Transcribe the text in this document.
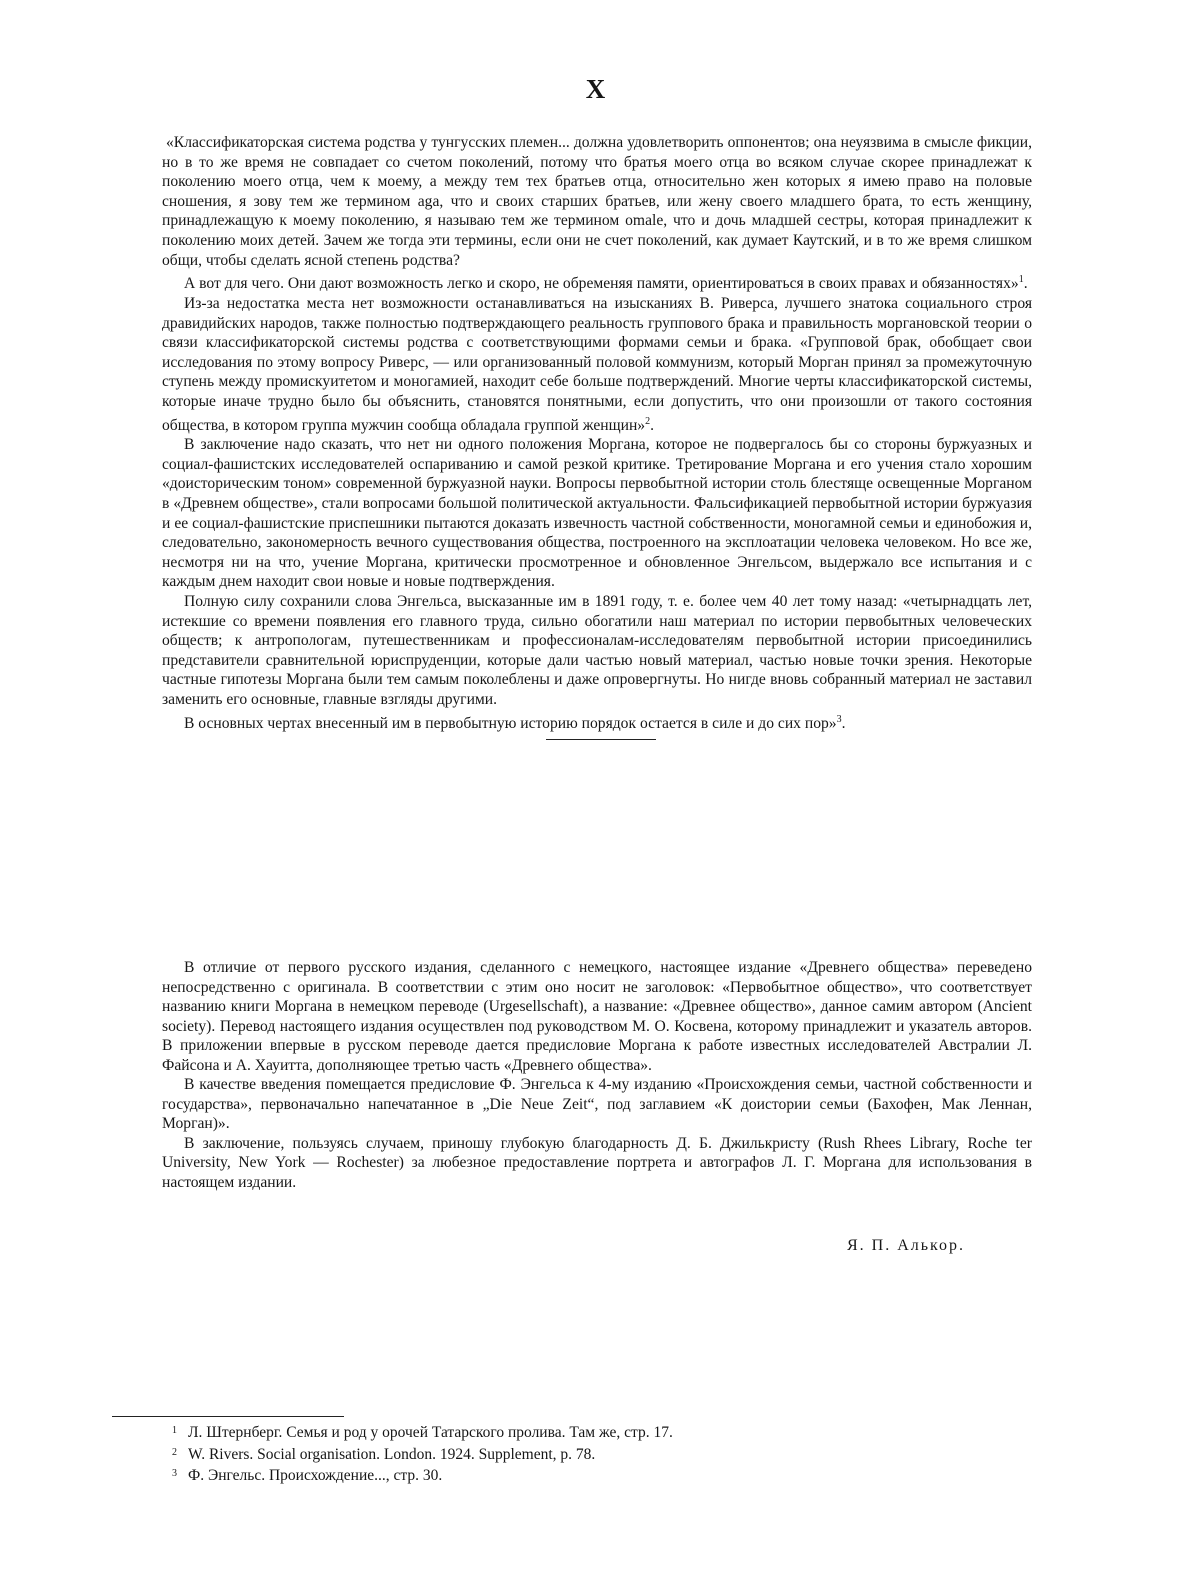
X

«Классификаторская система родства у тунгусских племен... должна удовлетворить оппонентов; она неуязвима в смысле фикции, но в то же время не совпадает со счетом поколений, потому что братья моего отца во всяком случае скорее принадлежат к поколению моего отца, чем к моему, а между тем тех братьев отца, относительно жен которых я имею право на половые сношения, я зову тем же термином aga, что и своих старших братьев, или жену своего младшего брата, то есть женщину, принадлежащую к моему поколению, я называю тем же термином omale, что и дочь младшей сестры, которая принадлежит к поколению моих детей. Зачем же тогда эти термины, если они не счет поколений, как думает Каутский, и в то же время слишком общи, чтобы сделать ясной степень родства?

А вот для чего. Они дают возможность легко и скоро, не обременяя памяти, ориентироваться в своих правах и обязанностях»$^1$.

Из-за недостатка места нет возможности останавливаться на изысканиях В. Риверса, лучшего знатока социального строя дравидийских народов, также полностью подтверждающего реальность группового брака и правильность моргановской теории о связи классификаторской системы родства с соответствующими формами семьи и брака. «Групповой брак, обобщает свои исследования по этому вопросу Риверс, — или организованный половой коммунизм, который Морган принял за промежуточную ступень между промискуитетом и моногамией, находит себе больше подтверждений. Многие черты классификаторской системы, которые иначе трудно было бы объяснить, становятся понятными, если допустить, что они произошли от такого состояния общества, в котором группа мужчин сообща обладала группой женщин»$^2$.

В заключение надо сказать, что нет ни одного положения Моргана, которое не подвергалось бы со стороны буржуазных и социал-фашистских исследователей оспариванию и самой резкой критике. Третирование Моргана и его учения стало хорошим «доисторическим тоном» современной буржуазной науки. Вопросы первобытной истории столь блестяще освещенные Морганом в «Древнем обществе», стали вопросами большой политической актуальности. Фальсификацией первобытной истории буржуазия и ее социал-фашистские приспешники пытаются доказать извечность частной собственности, моногамной семьи и единобожия и, следовательно, закономерность вечного существования общества, построенного на эксплоатации человека человеком. Но все же, несмотря ни на что, учение Моргана, критически просмотренное и обновленное Энгельсом, выдержало все испытания и с каждым днем находит свои новые и новые подтверждения.

Полную силу сохранили слова Энгельса, высказанные им в 1891 году, т. е. более чем 40 лет тому назад: «четырнадцать лет, истекшие со времени появления его главного труда, сильно обогатили наш материал по истории первобытных человеческих обществ; к антропологам, путешественникам и профессионалам-исследователям первобытной истории присоединились представители сравнительной юриспруденции, которые дали частью новый материал, частью новые точки зрения. Некоторые частные гипотезы Моргана были тем самым поколеблены и даже опровергнуты. Но нигде вновь собранный материал не заставил заменить его основные, главные взгляды другими.

В основных чертах внесенный им в первобытную историю порядок остается в силе и до сих пор»$^3$.

В отличие от первого русского издания, сделанного с немецкого, настоящее издание «Древнего общества» переведено непосредственно с оригинала. В соответствии с этим оно носит не заголовок: «Первобытное общество», что соответствует названию книги Моргана в немецком переводе (Urgesellschaft), а название: «Древнее общество», данное самим автором (Ancient society). Перевод настоящего издания осуществлен под руководством М. О. Косвена, которому принадлежит и указатель авторов. В приложении впервые в русском переводе дается предисловие Моргана к работе известных исследователей Австралии Л. Файсона и А. Хауитта, дополняющее третью часть «Древнего общества».

В качестве введения помещается предисловие Ф. Энгельса к 4-му изданию «Происхождения семьи, частной собственности и государства», первоначально напечатанное в „Die Neue Zeit“, под заглавием «К доистории семьи (Бахофен, Мак Леннан, Морган)».

В заключение, пользуясь случаем, приношу глубокую благодарность Д. Б. Джилькристу (Rush Rhees Library, Roche ter University, New York — Rochester) за любезное предоставление портрета и автографов Л. Г. Моргана для использования в настоящем издании.

Я. П. Алькор.
1 Л. Штернберг. Семья и род у орочей Татарского пролива. Там же, стр. 17.
2 W. Rivers. Social organisation. London. 1924. Supplement, p. 78.
3 Ф. Энгельс. Происхождение..., стр. 30.
